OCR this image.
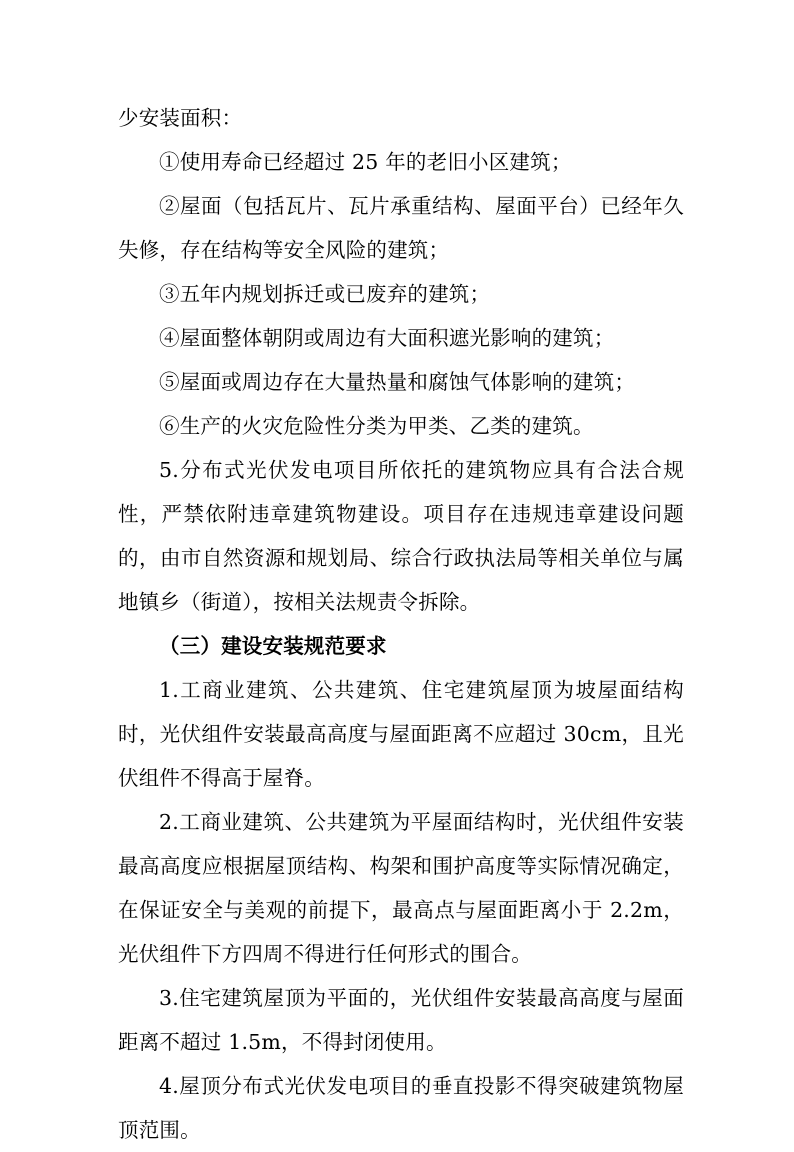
少安装面积：

①使用寿命已经超过 25 年的老旧小区建筑；

②屋面（包括瓦片、瓦片承重结构、屋面平台）已经年久失修，存在结构等安全风险的建筑；

③五年内规划拆迁或已废弃的建筑；

④屋面整体朝阴或周边有大面积遮光影响的建筑；

⑤屋面或周边存在大量热量和腐蚀气体影响的建筑；

⑥生产的火灾危险性分类为甲类、乙类的建筑。

5.分布式光伏发电项目所依托的建筑物应具有合法合规性，严禁依附违章建筑物建设。项目存在违规违章建设问题的，由市自然资源和规划局、综合行政执法局等相关单位与属地镇乡（街道），按相关法规责令拆除。

（三）建设安装规范要求

1.工商业建筑、公共建筑、住宅建筑屋顶为坡屋面结构时，光伏组件安装最高高度与屋面距离不应超过 30cm，且光伏组件不得高于屋脊。

2.工商业建筑、公共建筑为平屋面结构时，光伏组件安装最高高度应根据屋顶结构、构架和围护高度等实际情况确定，在保证安全与美观的前提下，最高点与屋面距离小于 2.2m，光伏组件下方四周不得进行任何形式的围合。

3.住宅建筑屋顶为平面的，光伏组件安装最高高度与屋面距离不超过 1.5m，不得封闭使用。

4.屋顶分布式光伏发电项目的垂直投影不得突破建筑物屋顶范围。
